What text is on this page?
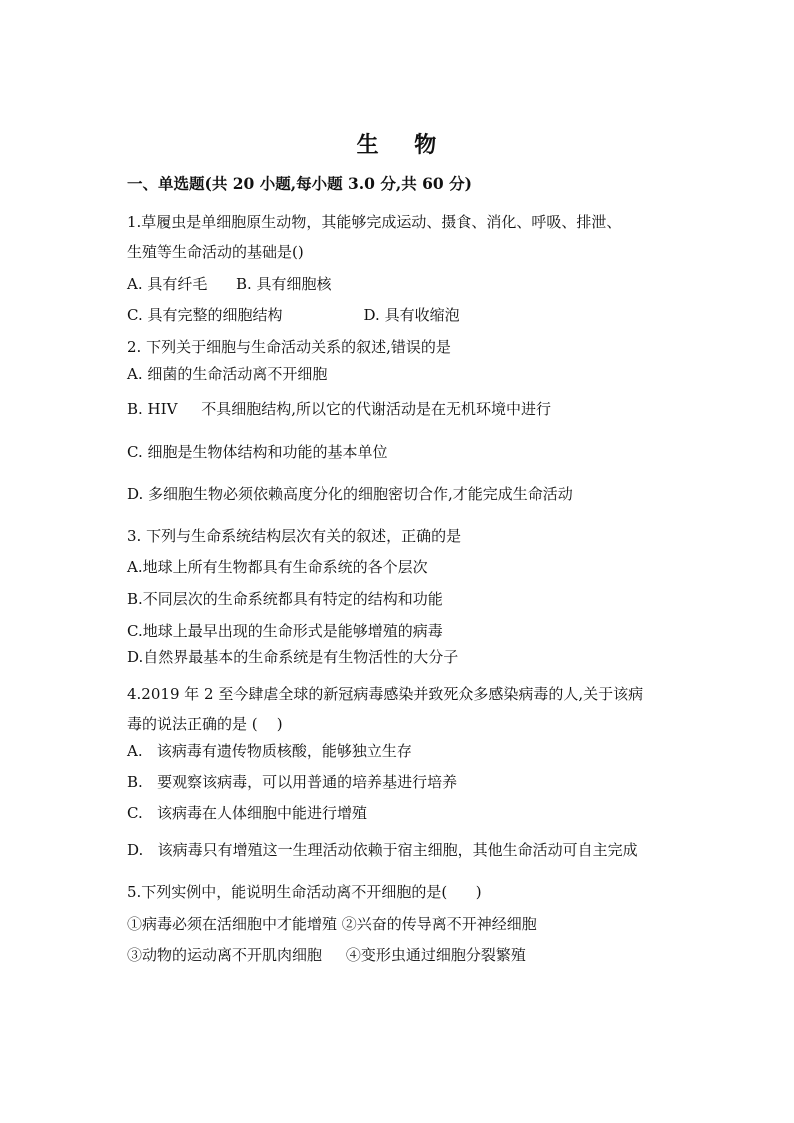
生    物
一、单选题(共 20 小题,每小题 3.0 分,共 60 分)
1.草履虫是单细胞原生动物，其能够完成运动、摄食、消化、呼吸、排泄、
生殖等生命活动的基础是()
A. 具有纤毛      B. 具有细胞核
C. 具有完整的细胞结构                 D. 具有收缩泡
2. 下列关于细胞与生命活动关系的叙述,错误的是
A. 细菌的生命活动离不开细胞
B. HIV     不具细胞结构,所以它的代谢活动是在无机环境中进行
C. 细胞是生物体结构和功能的基本单位
D. 多细胞生物必须依赖高度分化的细胞密切合作,才能完成生命活动
3. 下列与生命系统结构层次有关的叙述，正确的是
A.地球上所有生物都具有生命系统的各个层次
B.不同层次的生命系统都具有特定的结构和功能
C.地球上最早出现的生命形式是能够增殖的病毒
D.自然界最基本的生命系统是有生物活性的大分子
4.2019 年 2 至今肆虐全球的新冠病毒感染并致死众多感染病毒的人,关于该病
毒的说法正确的是 (    )
A.   该病毒有遗传物质核酸，能够独立生存
B.   要观察该病毒，可以用普通的培养基进行培养
C.   该病毒在人体细胞中能进行增殖
D.   该病毒只有增殖这一生理活动依赖于宿主细胞，其他生命活动可自主完成
5.下列实例中，能说明生命活动离不开细胞的是(      )
①病毒必须在活细胞中才能增殖 ②兴奋的传导离不开神经细胞
③动物的运动离不开肌肉细胞     ④变形虫通过细胞分裂繁殖
